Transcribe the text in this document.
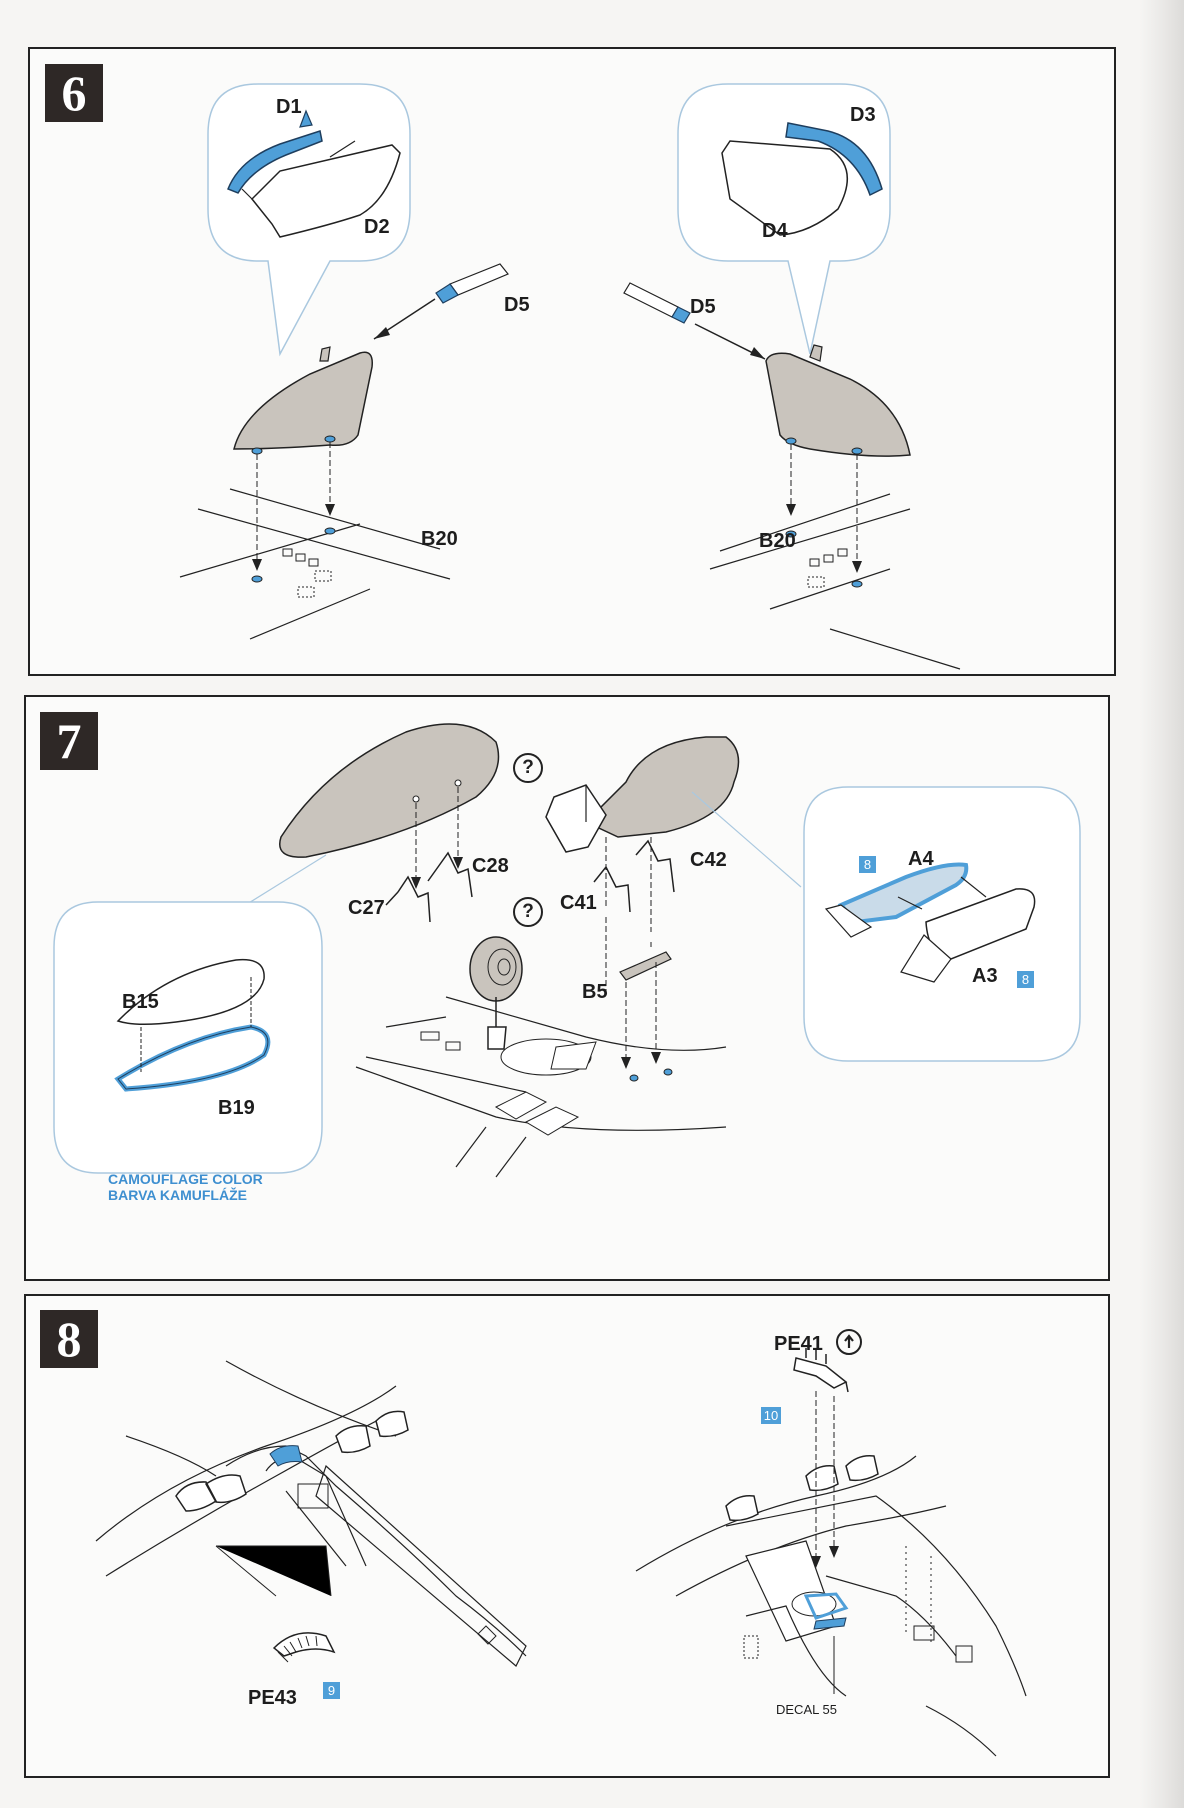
6	D1
D2
D3
D4
D5	D5
B20	B20
7	?
?
C28
C27
C42
C41
B5
B15
B19
A4
A3
8
8
CAMOUFLAGE COLOR
BARVA KAMUFLÁŽE
8
PE43	9
PE41
10
DECAL 55
